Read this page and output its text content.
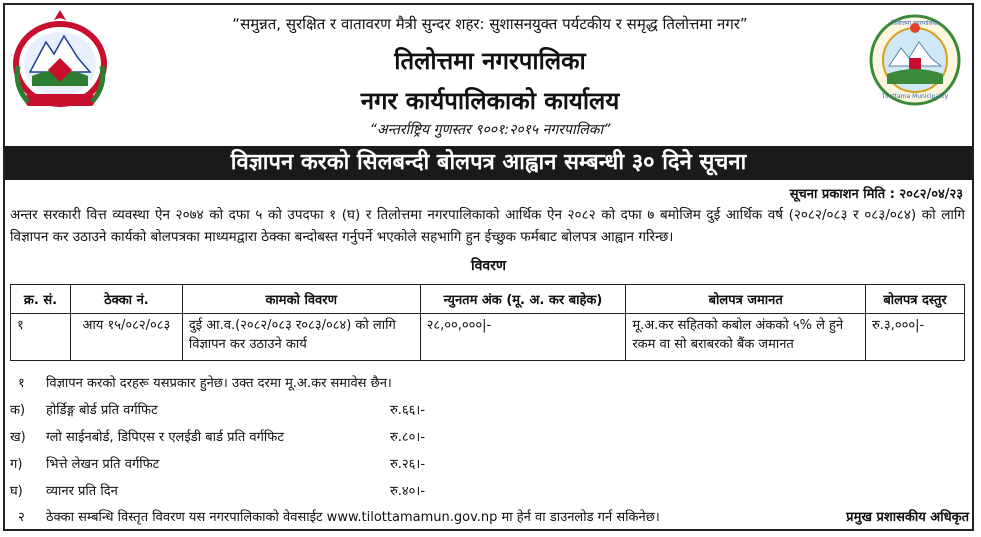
“समुन्नत, सुरक्षित र वातावरण मैत्री सुन्दर शहर: सुशासनयुक्त पर्यटकीय र समृद्ध तिलोत्तमा नगर”
तिलोत्तमा नगरपालिका
नगर कार्यपालिकाको कार्यालय
“अन्तर्राष्ट्रिय गुणस्तर ९००१:२०१५ नगरपालिका”
Tilottama Municipality
तिलोत्तमा नगरपालिका
विज्ञापन करको सिलबन्दी बोलपत्र आह्वान सम्बन्धी ३० दिने सूचना
सूचना प्रकाशन मिति : २०८२/०४/२३
अन्तर सरकारी वित्त व्यवस्था ऐन २०७४ को दफा ५ को उपदफा १ (घ) र तिलोत्तमा नगरपालिकाको आर्थिक ऐन २०८२ को दफा ७ बमोजिम दुई आर्थिक वर्ष (२०८२/०८३ र ०८३/०८४) को लागि विज्ञापन कर उठाउने कार्यको बोलपत्रका माध्यमद्वारा ठेक्का बन्दोबस्त गर्नुपर्ने भएकोले सहभागि हुन ईच्छुक फर्मबाट बोलपत्र आह्वान गरिन्छ।
विवरण
क्र. सं.	ठेक्का नं.	कामको विवरण	न्युनतम अंक (मू. अ. कर बाहेक)	बोलपत्र जमानत	बोलपत्र दस्तुर
१	आय १५/०८२/०८३	दुई आ.व.(२०८२/०८३ र०८३/०८४) को लागि विज्ञापन कर उठाउने कार्य	२८,००,०००|-	मू.अ.कर सहितको कबोल अंकको ५% ले हुने रकम वा सो बराबरको बैंक जमानत	रु.३,०००|-
१ विज्ञापन करको दरहरू यसप्रकार हुनेछ। उक्त दरमा मू.अ.कर समावेस छैन।
क) होर्डिङ्ग बोर्ड प्रति वर्गफिट	रु.६६।-
ख) ग्लो साईनबोर्ड, डिपिएस र एलईडी बार्ड प्रति वर्गफिट	रु.८०।-
ग) भित्ते लेखन प्रति वर्गफिट	रु.२६।-
घ) व्यानर प्रति दिन	रु.४०।-
२ ठेक्का सम्बन्धि विस्तृत विवरण यस नगरपालिकाको वेवसाईट www.tilottamamun.gov.np मा हेर्न वा डाउनलोड गर्न सकिनेछ।	प्रमुख प्रशासकीय अधिकृत
